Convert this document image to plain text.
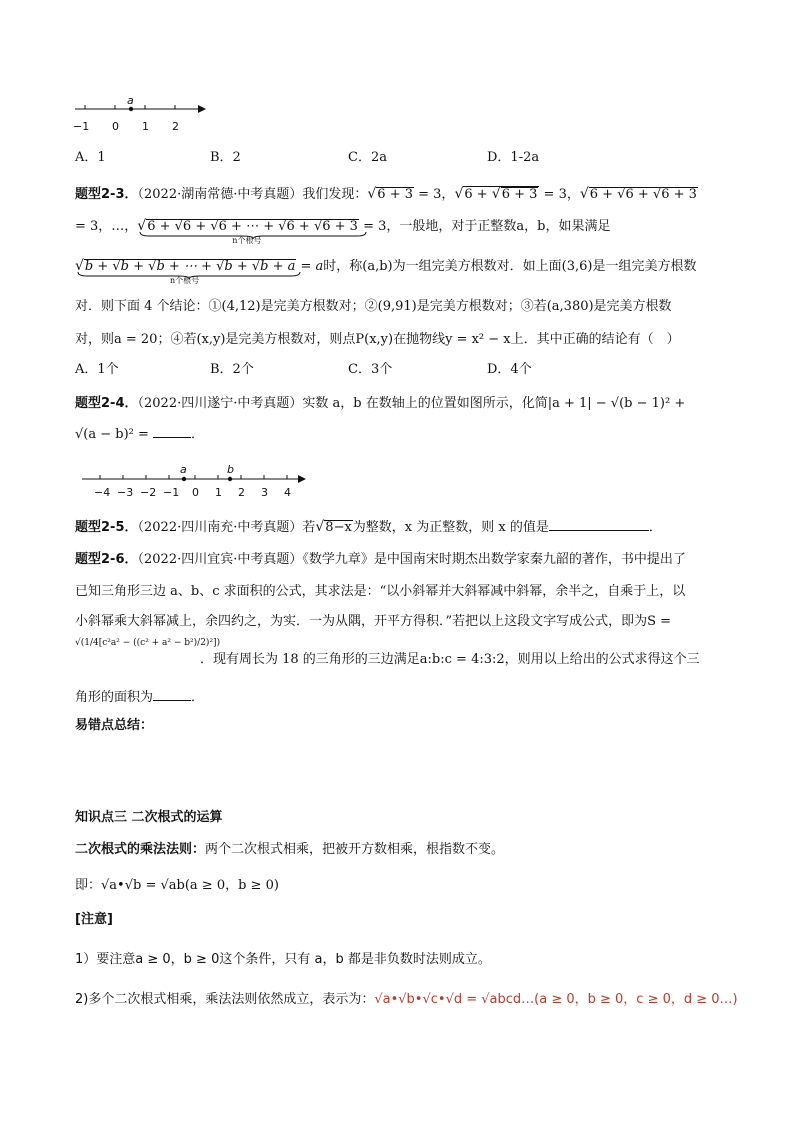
a
−1 0 1 2
A．1	B．2	C．2a	D．1-2a
题型2-3．（2022·湖南常德·中考真题）我们发现：√6 + 3 = 3，√6 + √6 + 3 = 3，√6 + √6 + √6 + 3
= 3，…，√6 + √6 + √6 + ⋯ + √6 + √6 + 3
n个根号
= 3，一般地，对于正整数a，b，如果满足
√b + √b + √b + ⋯ + √b + √b + a
n个根号
= a时，称(a,b)为一组完美方根数对．如上面(3,6)是一组完美方根数
对．则下面 4 个结论：①(4,12)是完美方根数对；②(9,91)是完美方根数对；③若(a,380)是完美方根数
对，则a = 20；④若(x,y)是完美方根数对，则点P(x,y)在抛物线y = x² − x上．其中正确的结论有（　）
A．1个	B．2个	C．3个	D．4个
题型2-4．（2022·四川遂宁·中考真题）实数 a，b 在数轴上的位置如图所示，化简|a + 1| − √(b − 1)² +
√(a − b)² =	．
a	b
−4 −3 −2 −1 0 1 2 3 4
题型2-5．（2022·四川南充·中考真题）若√8−x为整数，x 为正整数，则 x 的值是	．
题型2-6．（2022·四川宜宾·中考真题）《数学九章》是中国南宋时期杰出数学家秦九韶的著作，书中提出了
已知三角形三边 a、b、c 求面积的公式，其求法是：“以小斜幂并大斜幂减中斜幂，余半之，自乘于上，以
小斜幂乘大斜幂减上，余四约之，为实．一为从隅，开平方得积．”若把以上这段文字写成公式，即为S =
√(1/4[c²a² − ((c² + a² − b²)/2)²])
．现有周长为 18 的三角形的三边满足a:b:c = 4:3:2，则用以上给出的公式求得这个三
角形的面积为	．
易错点总结：
知识点三 二次根式的运算
二次根式的乘法法则：两个二次根式相乘，把被开方数相乘，根指数不变。
即：√a•√b = √ab(a ≥ 0，b ≥ 0)
[注意]
1）要注意a ≥ 0，b ≥ 0这个条件，只有 a，b 都是非负数时法则成立。
2)多个二次根式相乘，乘法法则依然成立，表示为：√a•√b•√c•√d = √abcd…(a ≥ 0，b ≥ 0，c ≥ 0，d ≥ 0…)
